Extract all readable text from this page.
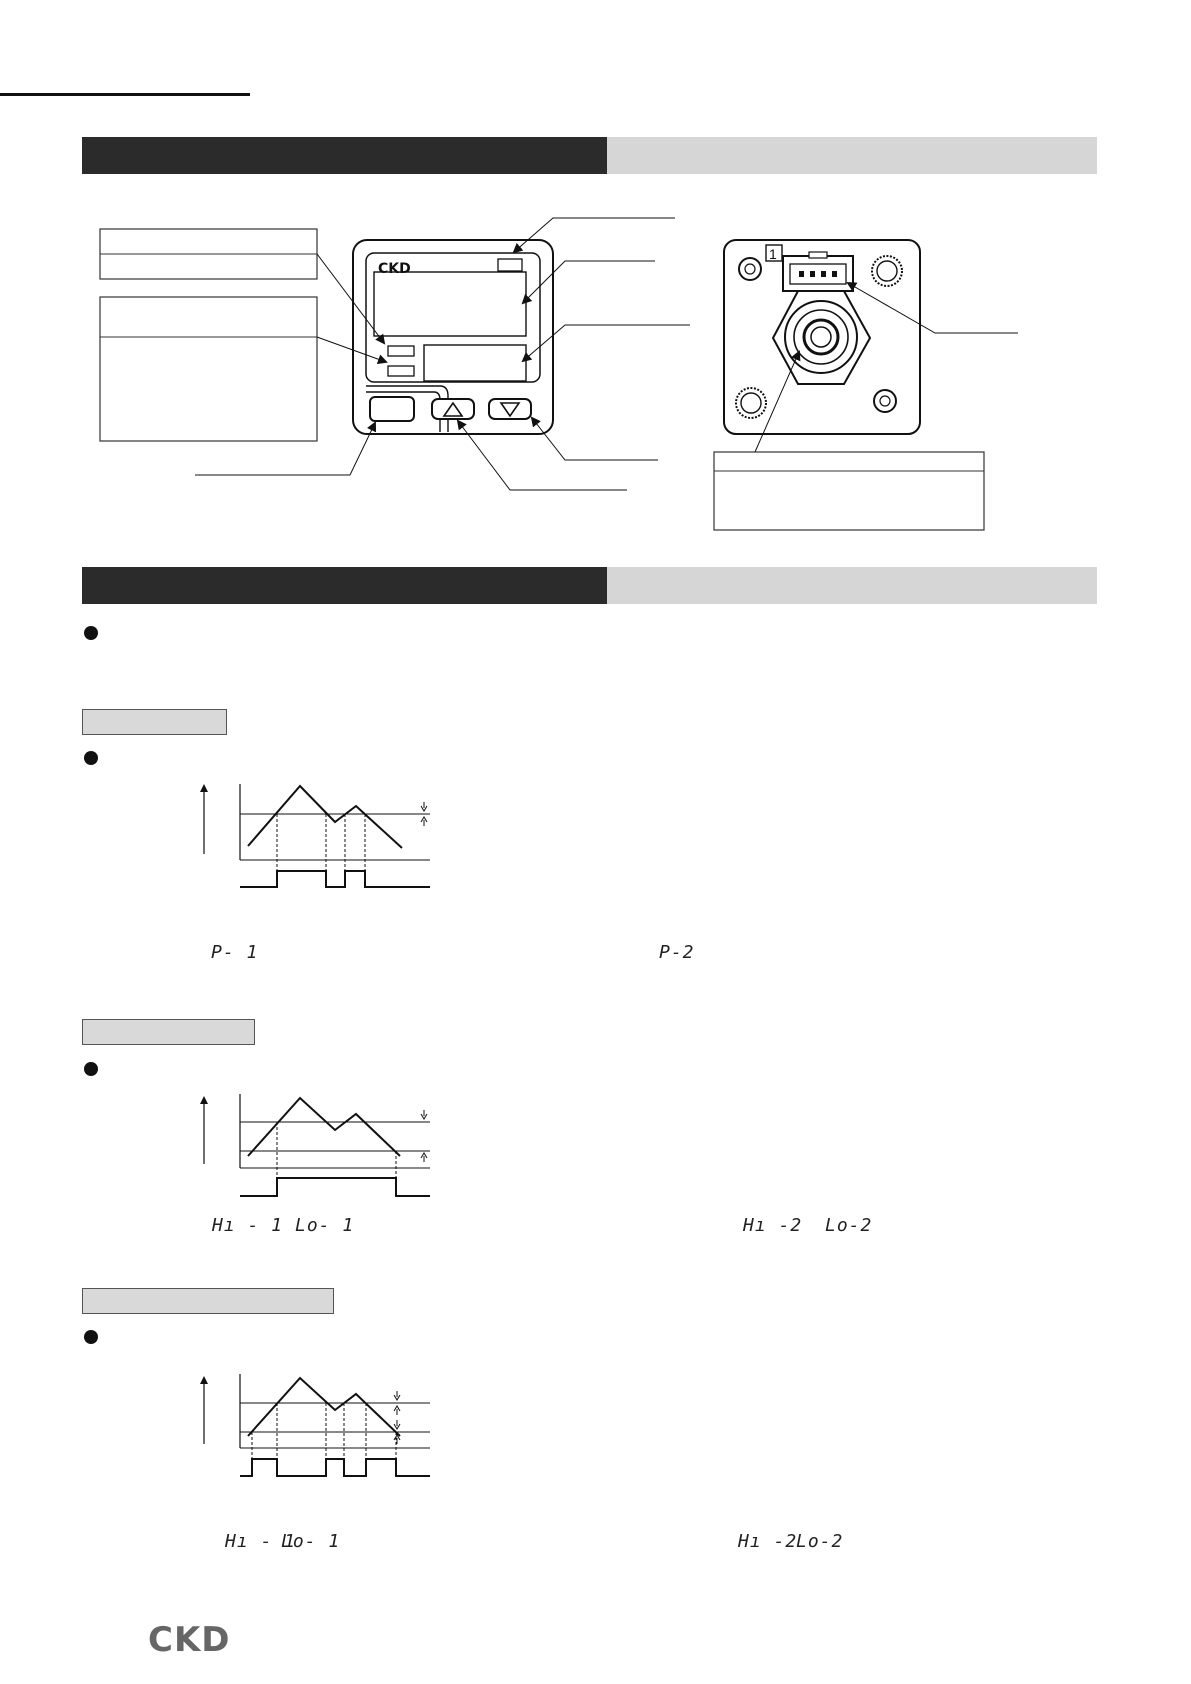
CKD
1
P- 1	P-2
Hı - 1 Lo- 1	Hı -2 Lo-2
Hı - 1
Lo- 1	Hı -2
Lo-2
CKD
